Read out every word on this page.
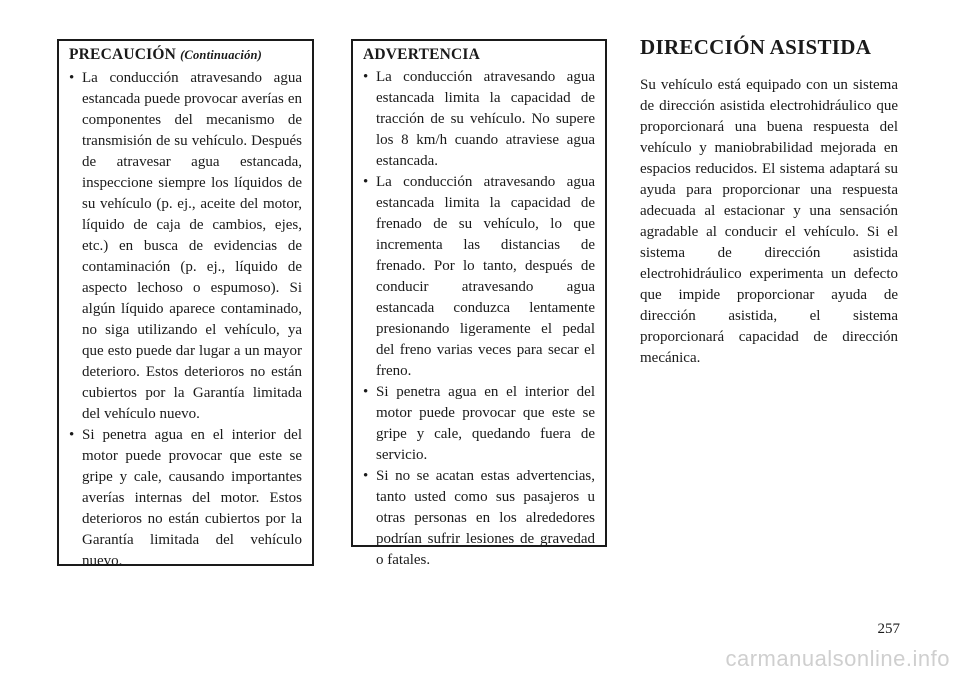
PRECAUCIÓN (Continuación)
• La conducción atravesando agua estancada puede provocar averías en componentes del mecanismo de transmisión de su vehículo. Después de atravesar agua estancada, inspeccione siempre los líquidos de su vehículo (p. ej., aceite del motor, líquido de caja de cambios, ejes, etc.) en busca de evidencias de contaminación (p. ej., líquido de aspecto lechoso o espumoso). Si algún líquido aparece contaminado, no siga utilizando el vehículo, ya que esto puede dar lugar a un mayor deterioro. Estos deterioros no están cubiertos por la Garantía limitada del vehículo nuevo.
• Si penetra agua en el interior del motor puede provocar que este se gripe y cale, causando importantes averías internas del motor. Estos deterioros no están cubiertos por la Garantía limitada del vehículo nuevo.
ADVERTENCIA
• La conducción atravesando agua estancada limita la capacidad de tracción de su vehículo. No supere los 8 km/h cuando atraviese agua estancada.
• La conducción atravesando agua estancada limita la capacidad de frenado de su vehículo, lo que incrementa las distancias de frenado. Por lo tanto, después de conducir atravesando agua estancada conduzca lentamente presionando ligeramente el pedal del freno varias veces para secar el freno.
• Si penetra agua en el interior del motor puede provocar que este se gripe y cale, quedando fuera de servicio.
• Si no se acatan estas advertencias, tanto usted como sus pasajeros u otras personas en los alrededores podrían sufrir lesiones de gravedad o fatales.
DIRECCIÓN ASISTIDA

Su vehículo está equipado con un sistema de dirección asistida electrohidráulico que proporcionará una buena respuesta del vehículo y maniobrabilidad mejorada en espacios reducidos. El sistema adaptará su ayuda para proporcionar una respuesta adecuada al estacionar y una sensación agradable al conducir el vehículo. Si el sistema de dirección asistida electrohidráulico experimenta un defecto que impide proporcionar ayuda de dirección asistida, el sistema proporcionará capacidad de dirección mecánica.

257
carmanualsonline.info
